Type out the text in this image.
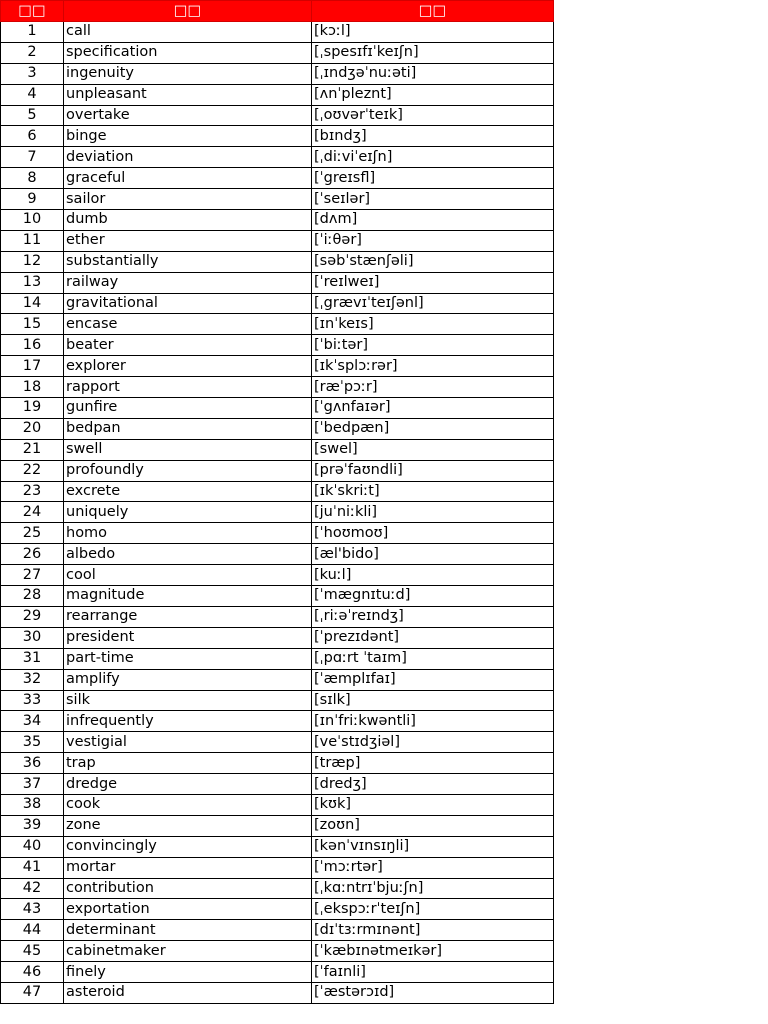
□□	□□	□□
1	call	[kɔːl]
2	specification	[ˌspesɪfɪˈkeɪʃn]
3	ingenuity	[ˌɪndʒəˈnuːəti]
4	unpleasant	[ʌnˈpleznt]
5	overtake	[ˌoʊvərˈteɪk]
6	binge	[bɪndʒ]
7	deviation	[ˌdiːviˈeɪʃn]
8	graceful	[ˈgreɪsfl]
9	sailor	[ˈseɪlər]
10	dumb	[dʌm]
11	ether	[ˈiːθər]
12	substantially	[səbˈstænʃəli]
13	railway	[ˈreɪlweɪ]
14	gravitational	[ˌgrævɪˈteɪʃənl]
15	encase	[ɪnˈkeɪs]
16	beater	[ˈbiːtər]
17	explorer	[ɪkˈsplɔːrər]
18	rapport	[ræˈpɔːr]
19	gunfire	[ˈgʌnfaɪər]
20	bedpan	[ˈbedpæn]
21	swell	[swel]
22	profoundly	[prəˈfaʊndli]
23	excrete	[ɪkˈskriːt]
24	uniquely	[juˈniːkli]
25	homo	[ˈhoʊmoʊ]
26	albedo	[æl'bido]
27	cool	[kuːl]
28	magnitude	[ˈmægnɪtuːd]
29	rearrange	[ˌriːəˈreɪndʒ]
30	president	[ˈprezɪdənt]
31	part-time	[ˌpɑːrt ˈtaɪm]
32	amplify	[ˈæmplɪfaɪ]
33	silk	[sɪlk]
34	infrequently	[ɪnˈfriːkwəntli]
35	vestigial	[veˈstɪdʒiəl]
36	trap	[træp]
37	dredge	[dredʒ]
38	cook	[kʊk]
39	zone	[zoʊn]
40	convincingly	[kənˈvɪnsɪŋli]
41	mortar	[ˈmɔːrtər]
42	contribution	[ˌkɑːntrɪˈbjuːʃn]
43	exportation	[ˌekspɔːrˈteɪʃn]
44	determinant	[dɪˈtɜːrmɪnənt]
45	cabinetmaker	[ˈkæbɪnətmeɪkər]
46	finely	[ˈfaɪnli]
47	asteroid	[ˈæstərɔɪd]
